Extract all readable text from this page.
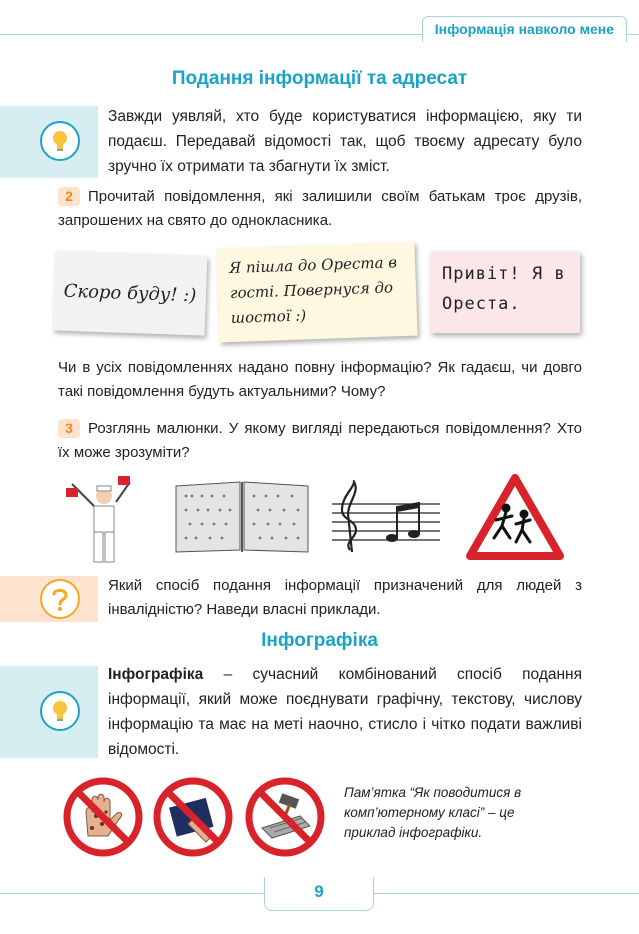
Інформація навколо мене
Подання інформації та адресат
Завжди уявляй, хто буде користуватися інформацією, яку ти подаєш. Передавай відомості так, щоб твоєму адресату було зручно їх отримати та збагнути їх зміст.
2 Прочитай повідомлення, які залишили своїм батькам троє друзів, запрошених на свято до однокласника.
Скоро буду! :)
Я пішла до Ореста в гості. Повернуся до шостої :)
Привіт! Я в Ореста.
Чи в усіх повідомленнях надано повну інформацію? Як гадаєш, чи довго такі повідомлення будуть актуальними? Чому?
3 Розглянь малюнки. У якому вигляді передаються повідомлення? Хто їх може зрозуміти?
Який спосіб подання інформації призначений для людей з інвалідністю? Наведи власні приклади.
Інфографіка
Інфографіка – сучасний комбінований спосіб подання інформації, який може поєднувати графічну, текстову, числову інформацію та має на меті наочно, стисло і чітко подати важливі відомості.
Пам’ятка “Як поводитися в комп’ютерному класі” – це приклад інфографіки.
9
